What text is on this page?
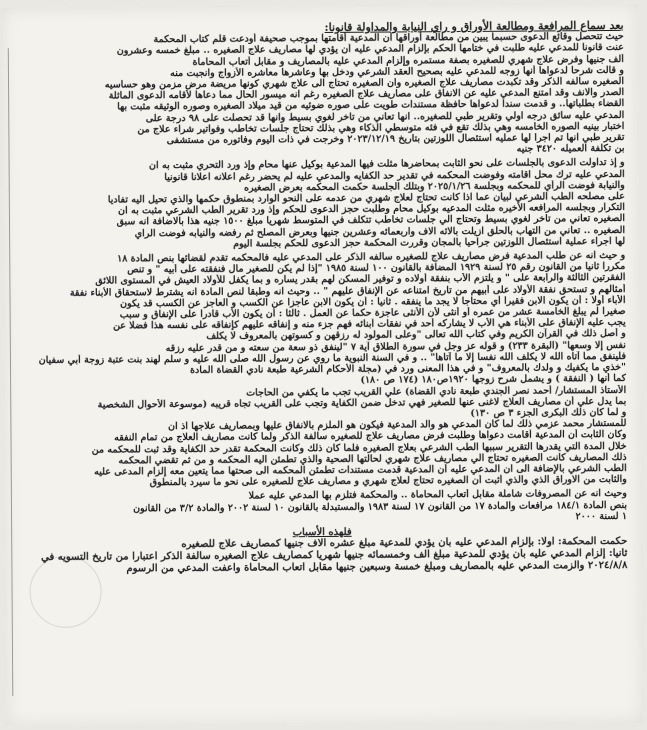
بعد سماع المرافعة ومطالعة الأوراق و راي النيابة والمداولة قانونا:

حيث تتحصل وقائع الدعوى حسبما يبين من مطالعة أوراقها أن المدعية أقامتها بموجب صحيفة أودعت قلم كتاب المحكمة
عنت قانونا للمدعي عليه طلبت في ختامها الحكم بإلزام المدعي عليه أن يؤدي لها مصاريف علاج الصغيره .. مبلغ خمسه وعشرون
ألف جنيها وفرض علاج شهري للصغيره بصفة مستمره وإلزام المدعي عليه بالمصاريف و مقابل أتعاب المحاماة
و قالت شرحا لدعواها أنها زوجه للمدعي عليه بصحيح العقد الشرعي ودخل بها وعاشرها معاشره الأزواج وانجبت منه
الصغيره سالفه الذكر وقد تكبدت مصاريف علاج الصغيره وان الصغيره تحتاج الى علاج شهري كونها مريضة مرض مزمن وهو حساسيه
الصدر والانف وقد امتنع المدعي عليه عن الانفاق على مصاريف علاج الصغيره رغم انه ميسور الحال مما دعاها لأقامه الدعوى الماثلة
القضاء بطلباتها.. و قدمت سندا لدعواها حافظة مستندات طويت على صوره ضوئيه من قيد ميلاد الصغيره وصوره الوثيقه مثبت بها
المدعي عليه سائق درجه اولي وتقرير طبي للصغيره.. انها تعاني من تاخر لغوي بسيط وانها قد تحصلت على ٩٨ درجة على
اختبار بينيه الصوره الخامسه وهي بذلك تقع في فئه متوسطي الذكاء وهي بذلك تحتاج جلسات تخاطب وفواتير شراء علاج من
تقرير طبي انها تم اجرا لها عمليه استئصال اللوزتين بتاريخ ٢٠٢٣/١٢/١٩ وخرجت في ذات اليوم وفاتوره من مستشفى
بن تكلفة العميله ٣٤٢٠ جنيه
و إذ تداولت الدعوى بالجلسات على نحو الثابت بمحاضرها مثلت فيها المدعية بوكيل عنها محام وإذ ورد التحري مثبت به ان
المدعي عليه ترك محل اقامته وفوضت المحكمه في تقدير حد الكفايه والمدعي عليه لم يحضر رغم اعلانه اعلانا قانونيا
والنيابة فوضت الرأي للمحكمه وبجلسة ٢٠٢٥/١/٢٦ وبتلك الجلسة حكمت المحكمه بعرض الصغيره
على مصلحه الطب الشرعي لبيان عما اذا كانت تحتاج لعلاج شهري من عدمه على النحو الوارد بمنطوق حكمها والذي تحيل اليه تفاديا
التكرار وبجلسه المرافعه الأخيره مثلت المدعيه بوكيل محام وطلبت حجز الدعوى للحكم وإذ ورد تقرير الطب الشرعي مثبت به ان
الصغيره تعاني من تاخر لغوي بسيط وتحتاج الي جلسات تخاطب تتكلف في المتوسط شهريا مبلغ ١٥٠٠ جنيه هذا بالاضافة انه سبق
الصغيره .. تعاني من التهاب بالحلق ازيلت بالاثه الاف واربعمائه وعشرين جنيها وبعرض المصلح ثم رفضه والنيابه فوضت الراي
لها اجراء عملية استئصال اللوزتين جراحيا بالمجان وقررت المحكمة حجز الدعوى للحكم بجلسة اليوم
و حيث انه عن طلب المدعية فرض مصاريف علاج للصغيره سالفه الذكر على المدعي عليه فالمحكمه تقدم لقضائها بنص المادة ١٨
مكررا ثانيا من القانون رقم ٢٥ لسنة ١٩٢٩ المضافة بالقانون ١٠٠ لسنة ١٩٨٥ "إذا لم يكن للصغير مال فنفقته على أبيه " و تنص
الفقرتين الثالثة والرابعة على " و يلتزم الأب بنفقة أولاده و توفير المسكن لهم بقدر يساره و بما يكفل للأولاد العيش في المستوى اللائق
أمثالهم و تستحق نفقة الأولاد على أبيهم من تاريخ امتناعه عن الإنفاق عليهم " .. وحيث انه وطبقا لنص المادة انه يشترط لاستحقاق الأبناء نفقة
الأباء أولا : أن يكون الابن فقيرا أي محتاجا لا يجد ما ينفقه . ثانيا : أن يكون الابن عاجزا عن الكسب و العاجز عن الكسب قد يكون
صغيرا لم يبلغ الخامسة عشر من عمره أو أنثى لأن الأنثى عاجزة حكما عن العمل . ثالثا : أن يكون الأب قادرا على الإنفاق و سبب
يجب عليه الإنفاق على الأبناء هي الأب لا يشاركه أحد في نفقات أبنائه فهم جزء منه و إنفاقه عليهم كإنفاقه على نفسه هذا فضلا عن
و أصل ذلك في القرآن الكريم وفي كتاب الله تعالى "وعلى المولود له رزقهن و كسوتهن بالمعروف لا يكلف
نفس إلا وسعها" (البقرة ٢٣٣) و قوله عز وجل في سورة الطلاق آية ٧ "لينفق ذو سعة من سعته و من قدر عليه رزقه
فلينفق مما آتاه الله لا يكلف الله نفسا إلا ما آتاها" .. و في السنة النبوية ما روي عن رسول الله صلى الله عليه و سلم لهند بنت عتبة زوجة أبي سفيان
"خذي ما يكفيك و ولدك بالمعروف" و في هذا المعنى ورد في (مجلة الأحكام الشرعية طبعة نادي القضاة المادة
كما أنها ( النفقة ) و يشمل شرح زوجها ١٩٢٠ص١٨٠ (١٧٤ ص ١٨٠)
الأستاذ المستشار/ أحمد نصر الجندي طبعة نادي القضاة) علي القريب تجب ما يكفي من الحاجات
بما يدل علي أن مصاريف العلاج لاغنى عنها للصغير فهي تدخل ضمن الكفاية وتجب على القريب تجاه قريبه (موسوعة الأحوال الشخصية
و لما كان ذلك البكرى الجزء ٣ ص ١٣٠)
للمستشار محمد عزمي ذلك لما كان المدعي هو والد المدعية فيكون هو الملزم بالانفاق عليها وبمصاريف علاجها اذ ان
وكان الثابت أن المدعية أقامت دعواها وطلبت فرض مصاريف علاج للصغيره سالفة الذكر ولما كانت مصاريف العلاج من تمام النفقه
خلال المدة التي يقدرها التقرير سببها الطب الشرعي بعلاج الصغيره فلما كان ذلك وكانت المحكمة تقدر حد الكفاية وقد ثبت للمحكمه من
ذلك المصاريف كانت الصغيره تحتاج الي مصاريف علاج شهري لحالتها الصحية والذي تطمئن اليه المحكمه و من ثم تقضي المحكمه
الطب الشرعي بالإضافة الى ان المدعي عليه أن المدعية قدمت مستندات تطمئن المحكمه الى صحتها مما يتعين معه إلزام المدعى عليه
والثابت من الاوراق الذي والذي أثبت أن الصغيره تحتاج لعلاج شهري و مصاريف علاج للصغيره على نحو ما سيرد بالمنطوق
وحيث انه عن المصروفات شاملة مقابل أتعاب المحاماة .. والمحكمة فتلزم بها المدعي عليه عملا
بنص المادة ١٨٤/١ مرافعات والمادة ١٧ من القانون ١٧ لسنة ١٩٨٣ والمستبدلة بالقانون ١٠ لسنة ٢٠٠٢ والمادة ٣/٢ من القانون
١ لسنة ٢٠٠٠

فلهذه الأسباب

حكمت المحكمة: اولا: بإلزام المدعي عليه بأن يؤدي للمدعية مبلغ عشره الاف جنيها كمصاريف علاج للصغيره
ثانيا: إلزام المدعي عليه بأن يؤدي للمدعية مبلغ الف وخمسمائه جنيها شهريا كمصاريف علاج الصغيره سالفة الذكر اعتبارا من تاريخ التسويه في
٢٠٢٤/٨/٨ وألزمت المدعي عليه بالمصاريف ومبلغ خمسة وسبعين جنيها مقابل أتعاب المحاماة واعفت المدعي من الرسوم
